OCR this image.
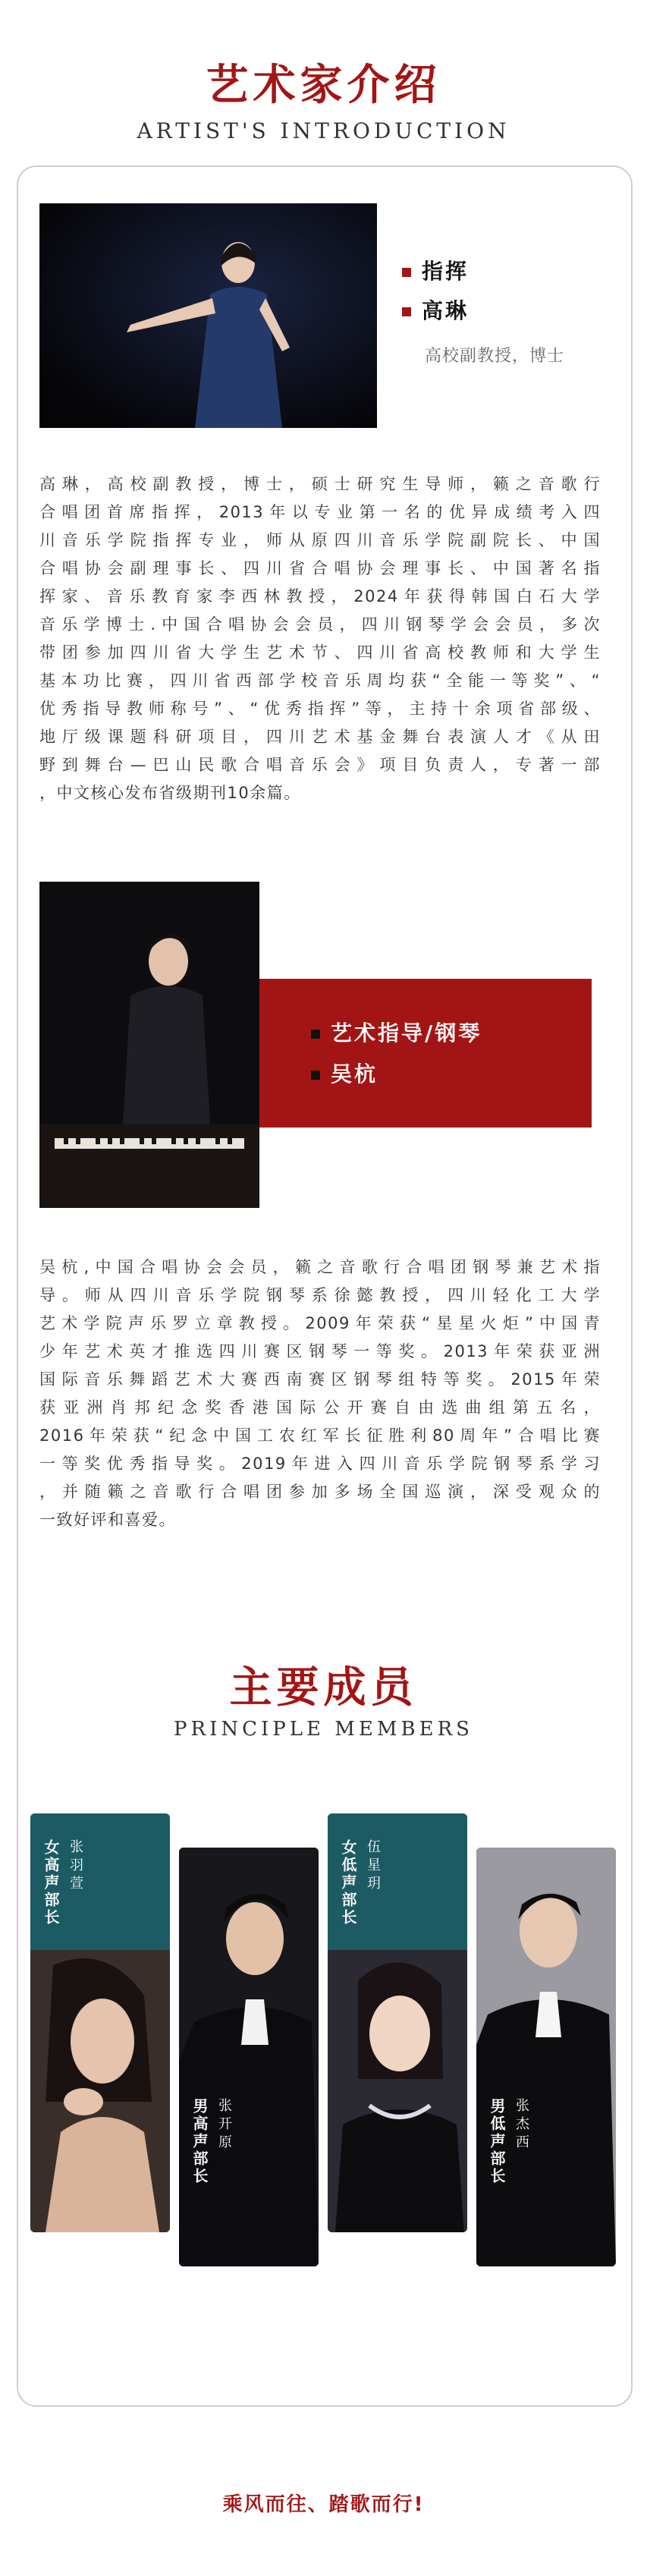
艺术家介绍
ARTIST'S INTRODUCTION
指挥
高琳
高校副教授，博士
高琳，高校副教授，博士，硕士研究生导师，籁之音歌行
合唱团首席指挥，2013年以专业第一名的优异成绩考入四
川音乐学院指挥专业，师从原四川音乐学院副院长、中国
合唱协会副理事长、四川省合唱协会理事长、中国著名指
挥家、音乐教育家李西林教授，2024年获得韩国白石大学
音乐学博士.中国合唱协会会员，四川钢琴学会会员，多次
带团参加四川省大学生艺术节、四川省高校教师和大学生
基本功比赛，四川省西部学校音乐周均获“全能一等奖”、“
优秀指导教师称号”、“优秀指挥”等，主持十余项省部级、
地厅级课题科研项目，四川艺术基金舞台表演人才《从田
野到舞台—巴山民歌合唱音乐会》项目负责人，专著一部
，中文核心发布省级期刊10余篇。
艺术指导/钢琴
吴杭
吴杭,中国合唱协会会员，籁之音歌行合唱团钢琴兼艺术指
导。师从四川音乐学院钢琴系徐懿教授，四川轻化工大学
艺术学院声乐罗立章教授。2009年荣获“星星火炬”中国青
少年艺术英才推选四川赛区钢琴一等奖。2013年荣获亚洲
国际音乐舞蹈艺术大赛西南赛区钢琴组特等奖。2015年荣
获亚洲肖邦纪念奖香港国际公开赛自由选曲组第五名，
2016年荣获“纪念中国工农红军长征胜利80周年”合唱比赛
一等奖优秀指导奖。2019年进入四川音乐学院钢琴系学习
，并随籁之音歌行合唱团参加多场全国巡演，深受观众的
一致好评和喜爱。
主要成员
PRINCIPLE MEMBERS
女高声部长 张羽萱
男高声部长 张开原
女低声部长 伍星玥
男低声部长 张杰西
乘风而往、踏歌而行!
